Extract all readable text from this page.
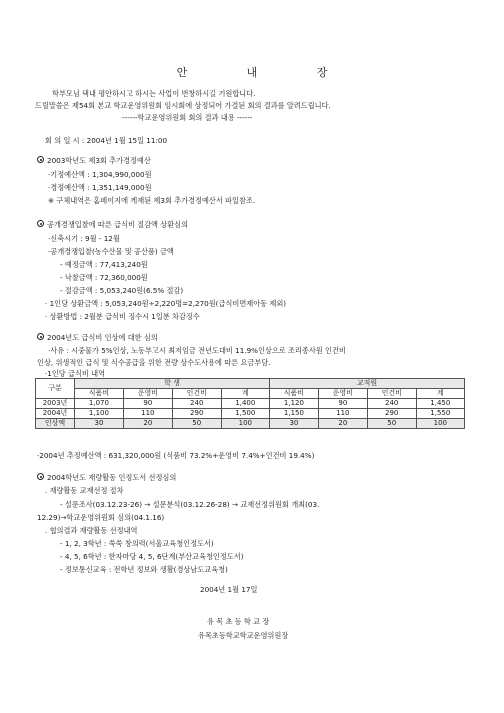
안 내 장
학부모님 댁내 평안하시고 하시는 사업이 번창하시길 기원합니다.
드릴말씀은 제54회 본교 학교운영위원회 임시회에 상정되어 가결된 회의 결과를 알려드립니다.
------학교운영위원회 회의 결과 내용 ------
회 의 일 시 : 2004년 1월 15일 11:00
2003학년도 제3회 추가경정예산
·기정예산액 : 1,304,990,000원
·경정예산액 : 1,351,149,000원
※ 구체내역은 홈페이지에 게재된 제3회 추가경정예산서 파일참조.
공개경쟁입찰에 따른 급식비 절감액 상환심의
·신축시기 : 9월 - 12월
·공개경쟁입찰(농수산물 및 공산품) 금액
- 예정금액 : 77,413,240원
- 낙찰금액 : 72,360,000원
- 절감금액 : 5,053,240원(6.5% 절감)
· 1인당 상환금액 : 5,053,240원÷2,220명=2,270원(급식비면제아동 제외)
· 상환방법 : 2월분 급식비 징수시 1일분 차감징수
2004년도 급식비 인상에 대한 심의
·사유 : 시중물가 5%인상, 노동부고시 최저임금 전년도대비 11.9%인상으로 조리종사원 인건비
인상, 위생적인 급식 및 식수공급을 위한 전량 상수도사용에 따른 요금부담.
·1인당 급식비 내역
구분	학 생				교직원			
	식품비	운영비	인건비	계	식품비	운영비	인건비	계
2003년	1,070	90	240	1,400	1,120	90	240	1,450
2004년	1,100	110	290	1,500	1,150	110	290	1,550
인상액	30	20	50	100	30	20	50	100
·2004년 추정예산액 : 631,320,000원 (식품비 73.2%+운영비 7.4%+인건비 19.4%)
2004학년도 재량활동 인정도서 선정심의
. 재량활동 교재선정 절차
- 설문조사(03.12.23-26) → 설문분석(03.12.26-28) → 교재선정위원회 개최(03.
12.29)→학교운영위원회 심의(04.1.16)
. 협의결과 재량활동 선정내역
- 1, 2, 3학년 : 쑥쑥 창의력(서울교육청인정도서)
- 4, 5, 6학년 : 한자마당 4, 5, 6단계(부산교육청인정도서)
- 정보통신교육 : 전학년 정보와 생활(경상남도교육청)
2004년 1월 17일
유 목 초 등 학 교 장
유목초등학교학교운영위원장
